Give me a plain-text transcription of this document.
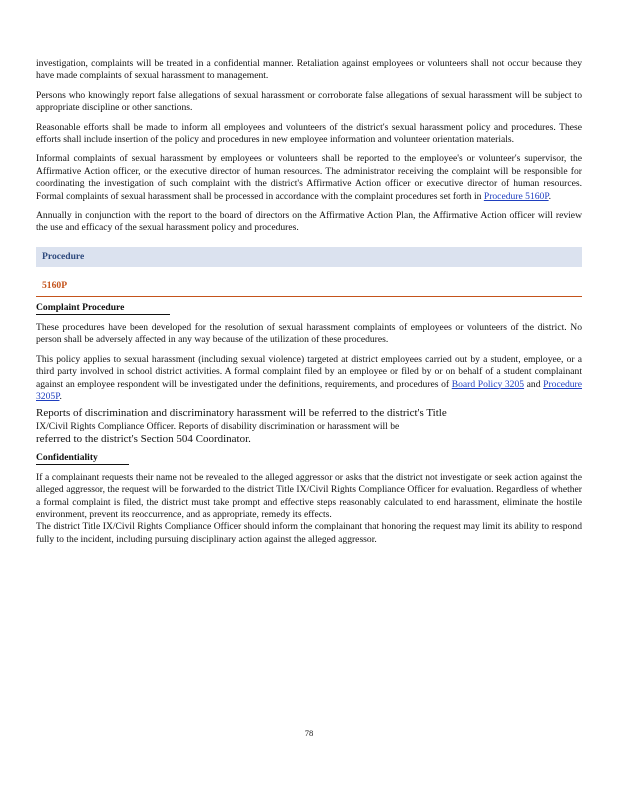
investigation, complaints will be treated in a confidential manner. Retaliation against employees or volunteers shall not occur because they have made complaints of sexual harassment to management.

Persons who knowingly report false allegations of sexual harassment or corroborate false allegations of sexual harassment will be subject to appropriate discipline or other sanctions.

Reasonable efforts shall be made to inform all employees and volunteers of the district's sexual harassment policy and procedures. These efforts shall include insertion of the policy and procedures in new employee information and volunteer orientation materials.

Informal complaints of sexual harassment by employees or volunteers shall be reported to the employee's or volunteer's supervisor, the Affirmative Action officer, or the executive director of human resources. The administrator receiving the complaint will be responsible for coordinating the investigation of such complaint with the district's Affirmative Action officer or executive director of human resources. Formal complaints of sexual harassment shall be processed in accordance with the complaint procedures set forth in Procedure 5160P.

Annually in conjunction with the report to the board of directors on the Affirmative Action Plan, the Affirmative Action officer will review the use and efficacy of the sexual harassment policy and procedures.

Procedure
5160P
Complaint Procedure

These procedures have been developed for the resolution of sexual harassment complaints of employees or volunteers of the district. No person shall be adversely affected in any way because of the utilization of these procedures.

This policy applies to sexual harassment (including sexual violence) targeted at district employees carried out by a student, employee, or a third party involved in school district activities. A formal complaint filed by an employee or filed by or on behalf of a student complainant against an employee respondent will be investigated under the definitions, requirements, and procedures of Board Policy 3205 and Procedure 3205P.

Reports of discrimination and discriminatory harassment will be referred to the district's Title

IX/Civil Rights Compliance Officer. Reports of disability discrimination or harassment will be

referred to the district's Section 504 Coordinator.

Confidentiality

If a complainant requests their name not be revealed to the alleged aggressor or asks that the district not investigate or seek action against the alleged aggressor, the request will be forwarded to the district Title IX/Civil Rights Compliance Officer for evaluation. Regardless of whether a formal complaint is filed, the district must take prompt and effective steps reasonably calculated to end harassment, eliminate the hostile environment, prevent its reoccurrence, and as appropriate, remedy its effects.

The district Title IX/Civil Rights Compliance Officer should inform the complainant that honoring the request may limit its ability to respond fully to the incident, including pursuing disciplinary action against the alleged aggressor.

78
